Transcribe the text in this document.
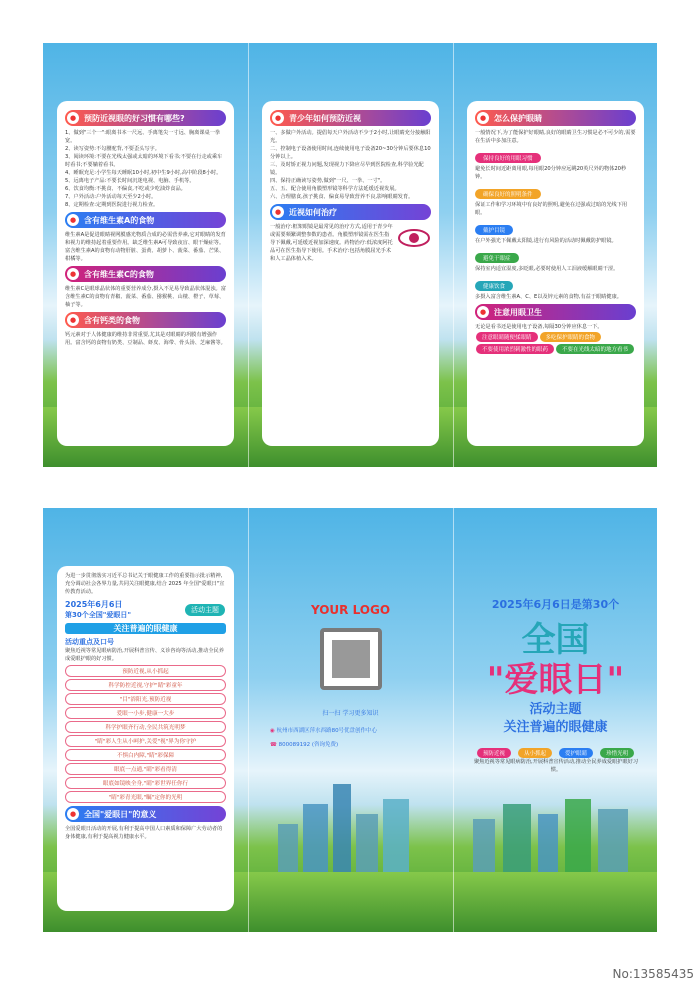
● 预防近视眼的好习惯有哪些?
1、做到"三个一":眼离书本一尺远、手离笔尖一寸远、胸离课桌一拳宽。
2、读写姿势:不勾腰驼背,不要歪头写字。
3、阅读环境:不要在光线太强或太暗的环境下看书;不要在行走或乘车时看书;不要躺着看书。
4、睡眠充足:小学生每天睡眠10小时,初中生9小时,高中阶段8小时。
5、远离电子产品:不要长时间沉迷电视、电脑、手机等。
6、饮食均衡:不挑食、不偏食,不吃或少吃油炸食品。
7、户外活动:户外活动每天至少2小时。
8、定期检查:定期到医院进行视力检查。
● 含有维生素A的食物
维生素A是促进眼睛视网膜感光物质合成的必需营养素,它对眼睛的发育和视力的维持起着重要作用。缺乏维生素A可导致夜盲、眼干燥症等。富含维生素A的食物有动物肝脏、蛋黄、胡萝卜、菠菜、番茄、芒果、柑橘等。
● 含有维生素C的食物
维生素C是眼球晶状体的重要营养成分,摄入不足易导致晶状体混浊。富含维生素C的食物有青椒、菠菜、番茄、猕猴桃、山楂、橙子、草莓、柚子等。
● 含有钙类的食物
钙元素对于人体健康的维持非常重要,尤其是对眼睛的巩膜有增强作用。富含钙的食物有奶类、豆制品、虾皮、海带、骨头汤、芝麻酱等。
● 青少年如何预防近视
一、多做户外活动。提倡每天户外活动不少于2小时,让眼睛充分接触阳光。
二、控制电子设备使用时间,连续使用电子设备20~30分钟后要休息10分钟以上。
三、及时矫正视力问题,发现视力下降应尽早到医院检查,科学验光配镜。
四、保持正确读写姿势,做到"一尺、一拳、一寸"。
五、五、配合使用角膜塑形镜等科学方法延缓近视发展。
六、合理膳食,孩子挑食、偏食易导致营养不良,影响眼睛发育。
● 近视如何治疗
一般治疗:框架眼镜是最常见的治疗方式,适用于青少年或需要频繁调整参数的患者。角膜塑形镜需在医生指导下佩戴,可延缓近视加深速度。药物治疗:低浓度阿托品可在医生指导下使用。手术治疗:包括角膜屈光手术和人工晶体植入术。
● 怎么保护眼睛
一般情况下,为了能保护好眼睛,良好的眼睛卫生习惯是必不可少的,需要在生活中多加注意。
保持良好的用眼习惯
避免长时间近距离用眼,每用眼20分钟应远眺20英尺外的物体20秒钟。
确保良好的照明条件
保证工作和学习环境中有良好的照明,避免在过强或过暗的光线下用眼。
戴护目镜
在户外强光下佩戴太阳镜,进行有风险的活动时佩戴防护眼镜。
避免干眼症
保持室内适宜湿度,多眨眼,必要时使用人工泪液缓解眼睛干涩。
健康饮食
多摄入富含维生素A、C、E以及锌元素的食物,有益于眼睛健康。
● 注意用眼卫生
无论是看书还是使用电子设备,每隔30分钟应休息一下。
注意眼睛随便揉眼睛	多吃保护眼睛的食物
不要使用浓烈刺激性的眼药	不要在光线太暗的地方看书
为进一步贯彻落实习近平总书记关于眼健康工作的重要指示批示精神,充分调动社会各界力量,共同关注眼健康,结合 2025 年全国"爱眼日"宣传教育活动。
2025年6月6日
第30个全国"爱眼日"
活动主题
关注普遍的眼健康
活动重点及口号
聚焦近视等常见眼病防治,开展科普宣传、义诊咨询等活动,推动全民养成爱眼护眼的好习惯。
预防近视,从小抓起
科学防控近视,守护"睛"彩童年
"目"浴阳光,预防近视
爱眼一小步,健康一大步
科学护眼齐行动,全民共筑光明梦
"睛"彩人生从小呵护,关爱"视"界为你守护
不惧白内障,"睛"彩保障
眼底一点通,"睛"彩看得清
眼底如镜映全身,"睛"彩世界任你行
"睛"彩青光眼,"瞩"定你的光明
● 全国"爱眼日"的意义
全国爱眼日活动的开展,有利于提高中国人口素质和保障广大劳动者的身体健康,有利于提高视力健康水平。
YOUR LOGO
扫一扫 学习更多知识
◉ 杭州市西湖区萍水西路80号优盘创作中心
☎ 800089192 (咨询免费)
2025年6月6日是第30个
全国
"爱眼日"
活动主题
关注普遍的眼健康
预防近视	从小抓起	爱护眼睛	珍惜光明
聚焦近视等常见眼病防治,开展科普宣传活动,推动全民养成爱眼护眼好习惯。
No:13585435
